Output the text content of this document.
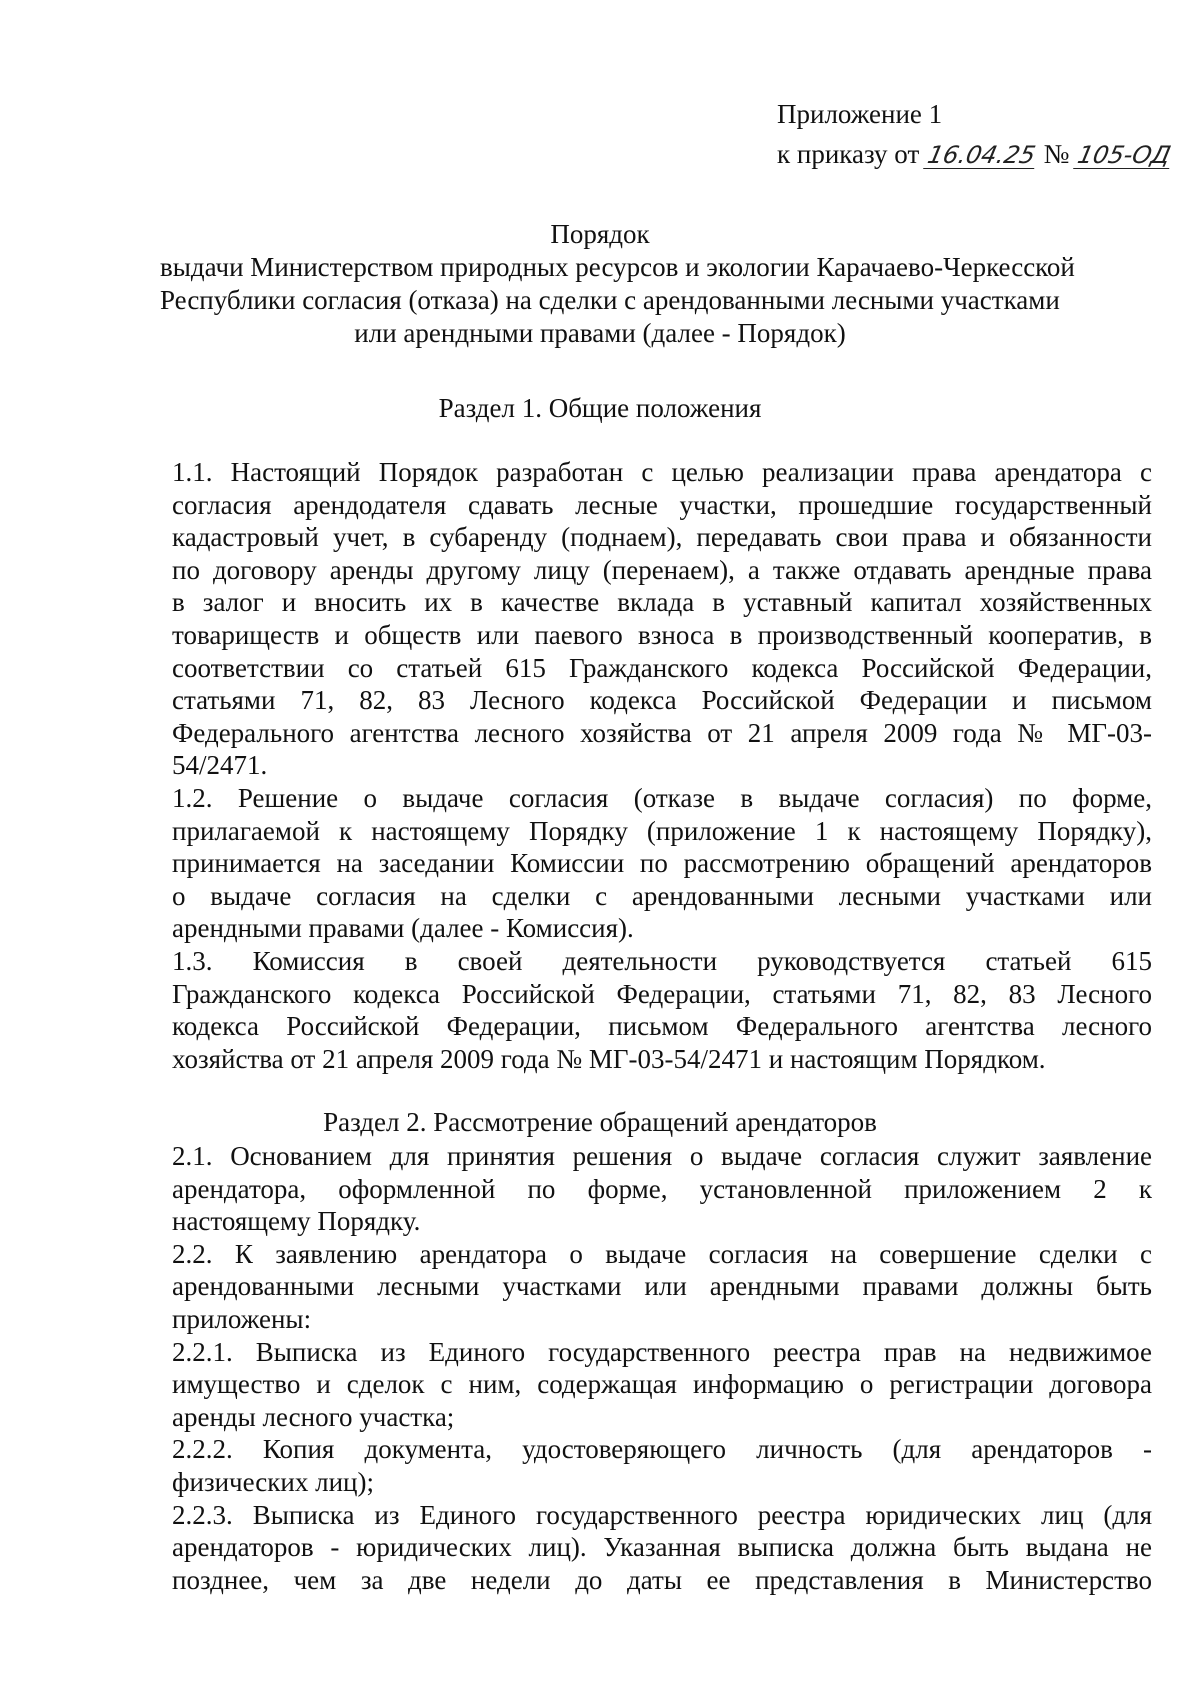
Приложение 1
к приказу от 16.04.25 № 105-ОД
Порядок
выдачи Министерством природных ресурсов и экологии Карачаево-Черкесской
Республики согласия (отказа) на сделки с арендованными лесными участками
или арендными правами (далее - Порядок)
Раздел 1. Общие положения
1.1. Настоящий Порядок разработан с целью реализации права арендатора с
согласия арендодателя сдавать лесные участки, прошедшие государственный
кадастровый учет, в субаренду (поднаем), передавать свои права и обязанности
по договору аренды другому лицу (перенаем), а также отдавать арендные права
в залог и вносить их в качестве вклада в уставный капитал хозяйственных
товариществ и обществ или паевого взноса в производственный кооператив, в
соответствии со статьей 615 Гражданского кодекса Российской Федерации,
статьями 71, 82, 83 Лесного кодекса Российской Федерации и письмом
Федерального агентства лесного хозяйства от 21 апреля 2009 года № МГ-03-
54/2471.
1.2. Решение о выдаче согласия (отказе в выдаче согласия) по форме,
прилагаемой к настоящему Порядку (приложение 1 к настоящему Порядку),
принимается на заседании Комиссии по рассмотрению обращений арендаторов
о выдаче согласия на сделки с арендованными лесными участками или
арендными правами (далее - Комиссия).
1.3. Комиссия в своей деятельности руководствуется статьей 615
Гражданского кодекса Российской Федерации, статьями 71, 82, 83 Лесного
кодекса Российской Федерации, письмом Федерального агентства лесного
хозяйства от 21 апреля 2009 года № МГ-03-54/2471 и настоящим Порядком.
Раздел 2. Рассмотрение обращений арендаторов
2.1. Основанием для принятия решения о выдаче согласия служит заявление
арендатора, оформленной по форме, установленной приложением 2 к
настоящему Порядку.
2.2. К заявлению арендатора о выдаче согласия на совершение сделки с
арендованными лесными участками или арендными правами должны быть
приложены:
2.2.1. Выписка из Единого государственного реестра прав на недвижимое
имущество и сделок с ним, содержащая информацию о регистрации договора
аренды лесного участка;
2.2.2. Копия документа, удостоверяющего личность (для арендаторов -
физических лиц);
2.2.3. Выписка из Единого государственного реестра юридических лиц (для
арендаторов - юридических лиц). Указанная выписка должна быть выдана не
позднее, чем за две недели до даты ее представления в Министерство
